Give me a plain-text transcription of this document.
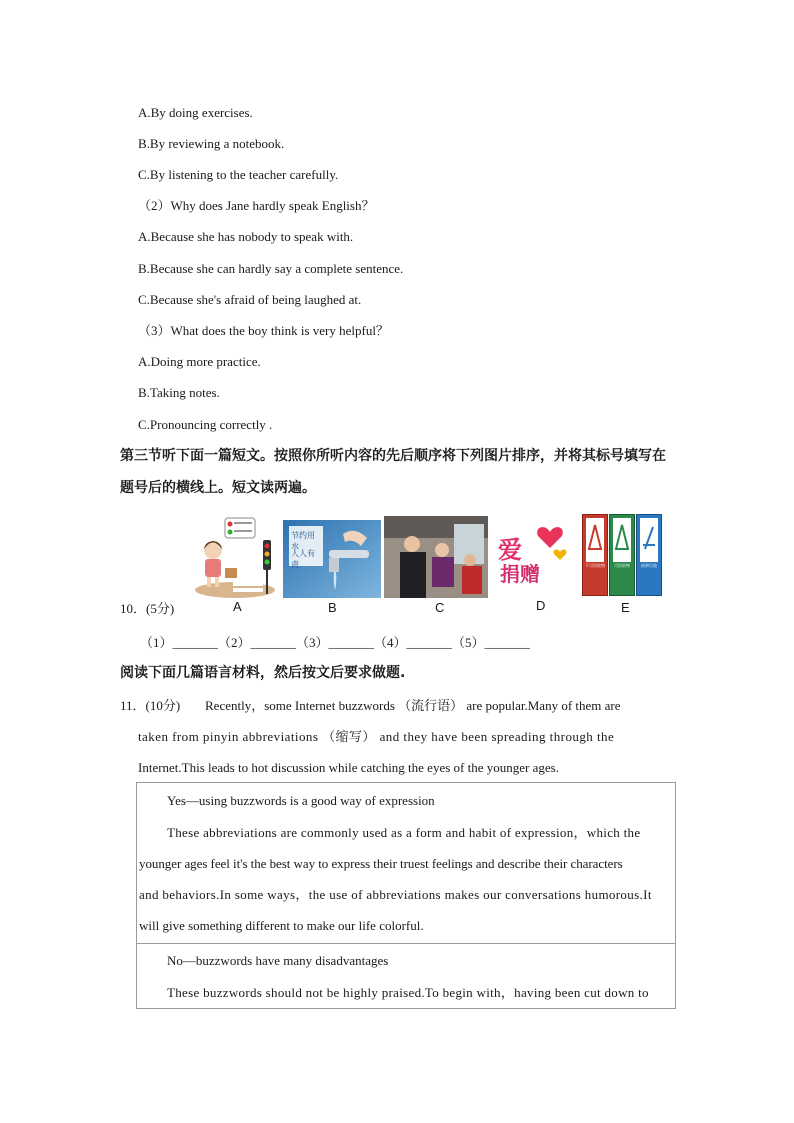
A.By doing exercises.
B.By reviewing a notebook.
C.By listening to the teacher carefully.
（2）Why does Jane hardly speak English？
A.Because she has nobody to speak with.
B.Because she can hardly say a complete sentence.
C.Because she's afraid of being laughed at.
（3）What does the boy think is very helpful？
A.Doing more practice.
B.Taking notes.
C.Pronouncing correctly .
第三节听下面一篇短文。按照你所听内容的先后顺序将下列图片排序，并将其标号填写在
题号后的横线上。短文读两遍。
10．(5分)
节约用水
人人有责
爱
捐赠	不可回收物	可回收物	厨余垃圾
A	B	C	D	E
（1）_______（2）_______（3）_______（4）_______（5）_______
阅读下面几篇语言材料，然后按文后要求做题.
11．(10分) Recently，some Internet buzzwords （流行语） are popular.Many of them are
taken from pinyin abbreviations （缩写） and they have been spreading through the
Internet.This leads to hot discussion while catching the eyes of the younger ages.
Yes—using buzzwords is a good way of expression
These abbreviations are commonly used as a form and habit of expression，which the
younger ages feel it's the best way to express their truest feelings and describe their characters
and behaviors.In some ways，the use of abbreviations makes our conversations humorous.It
will give something different to make our life colorful.
No—buzzwords have many disadvantages
These buzzwords should not be highly praised.To begin with，having been cut down to
